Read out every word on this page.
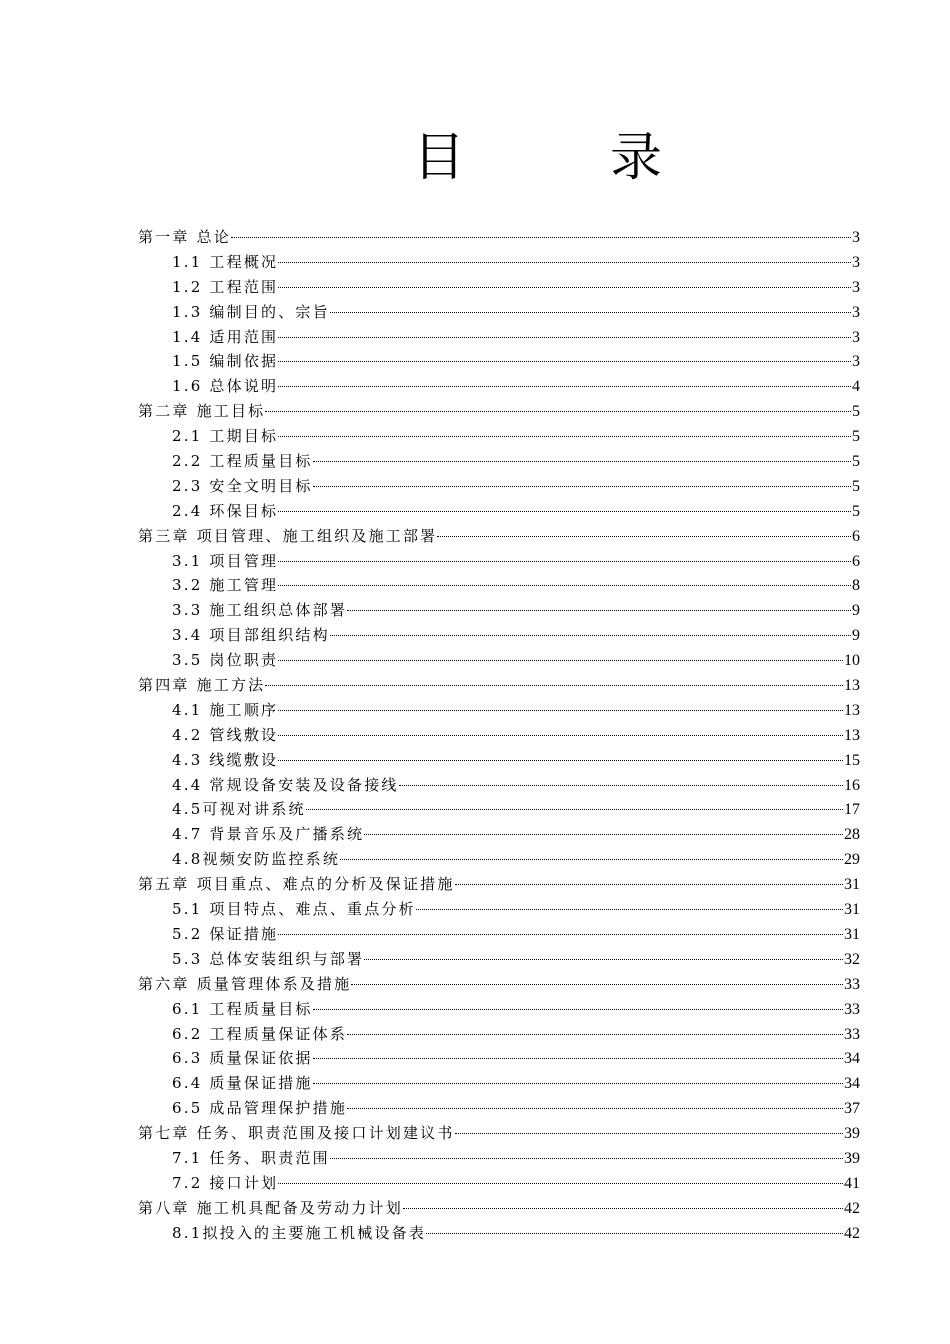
目	录
第一章 总论	3
1.1 工程概况	3
1.2 工程范围	3
1.3 编制目的、宗旨	3
1.4 适用范围	3
1.5 编制依据	3
1.6 总体说明	4
第二章 施工目标	5
2.1 工期目标	5
2.2 工程质量目标	5
2.3 安全文明目标	5
2.4 环保目标	5
第三章 项目管理、施工组织及施工部署	6
3.1 项目管理	6
3.2 施工管理	8
3.3 施工组织总体部署	9
3.4 项目部组织结构	9
3.5 岗位职责	10
第四章 施工方法	13
4.1 施工顺序	13
4.2 管线敷设	13
4.3 线缆敷设	15
4.4 常规设备安装及设备接线	16
4.5可视对讲系统	17
4.7 背景音乐及广播系统	28
4.8视频安防监控系统	29
第五章 项目重点、难点的分析及保证措施	31
5.1 项目特点、难点、重点分析	31
5.2 保证措施	31
5.3 总体安装组织与部署	32
第六章 质量管理体系及措施	33
6.1 工程质量目标	33
6.2 工程质量保证体系	33
6.3 质量保证依据	34
6.4 质量保证措施	34
6.5 成品管理保护措施	37
第七章 任务、职责范围及接口计划建议书	39
7.1 任务、职责范围	39
7.2 接口计划	41
第八章 施工机具配备及劳动力计划	42
8.1拟投入的主要施工机械设备表	42
